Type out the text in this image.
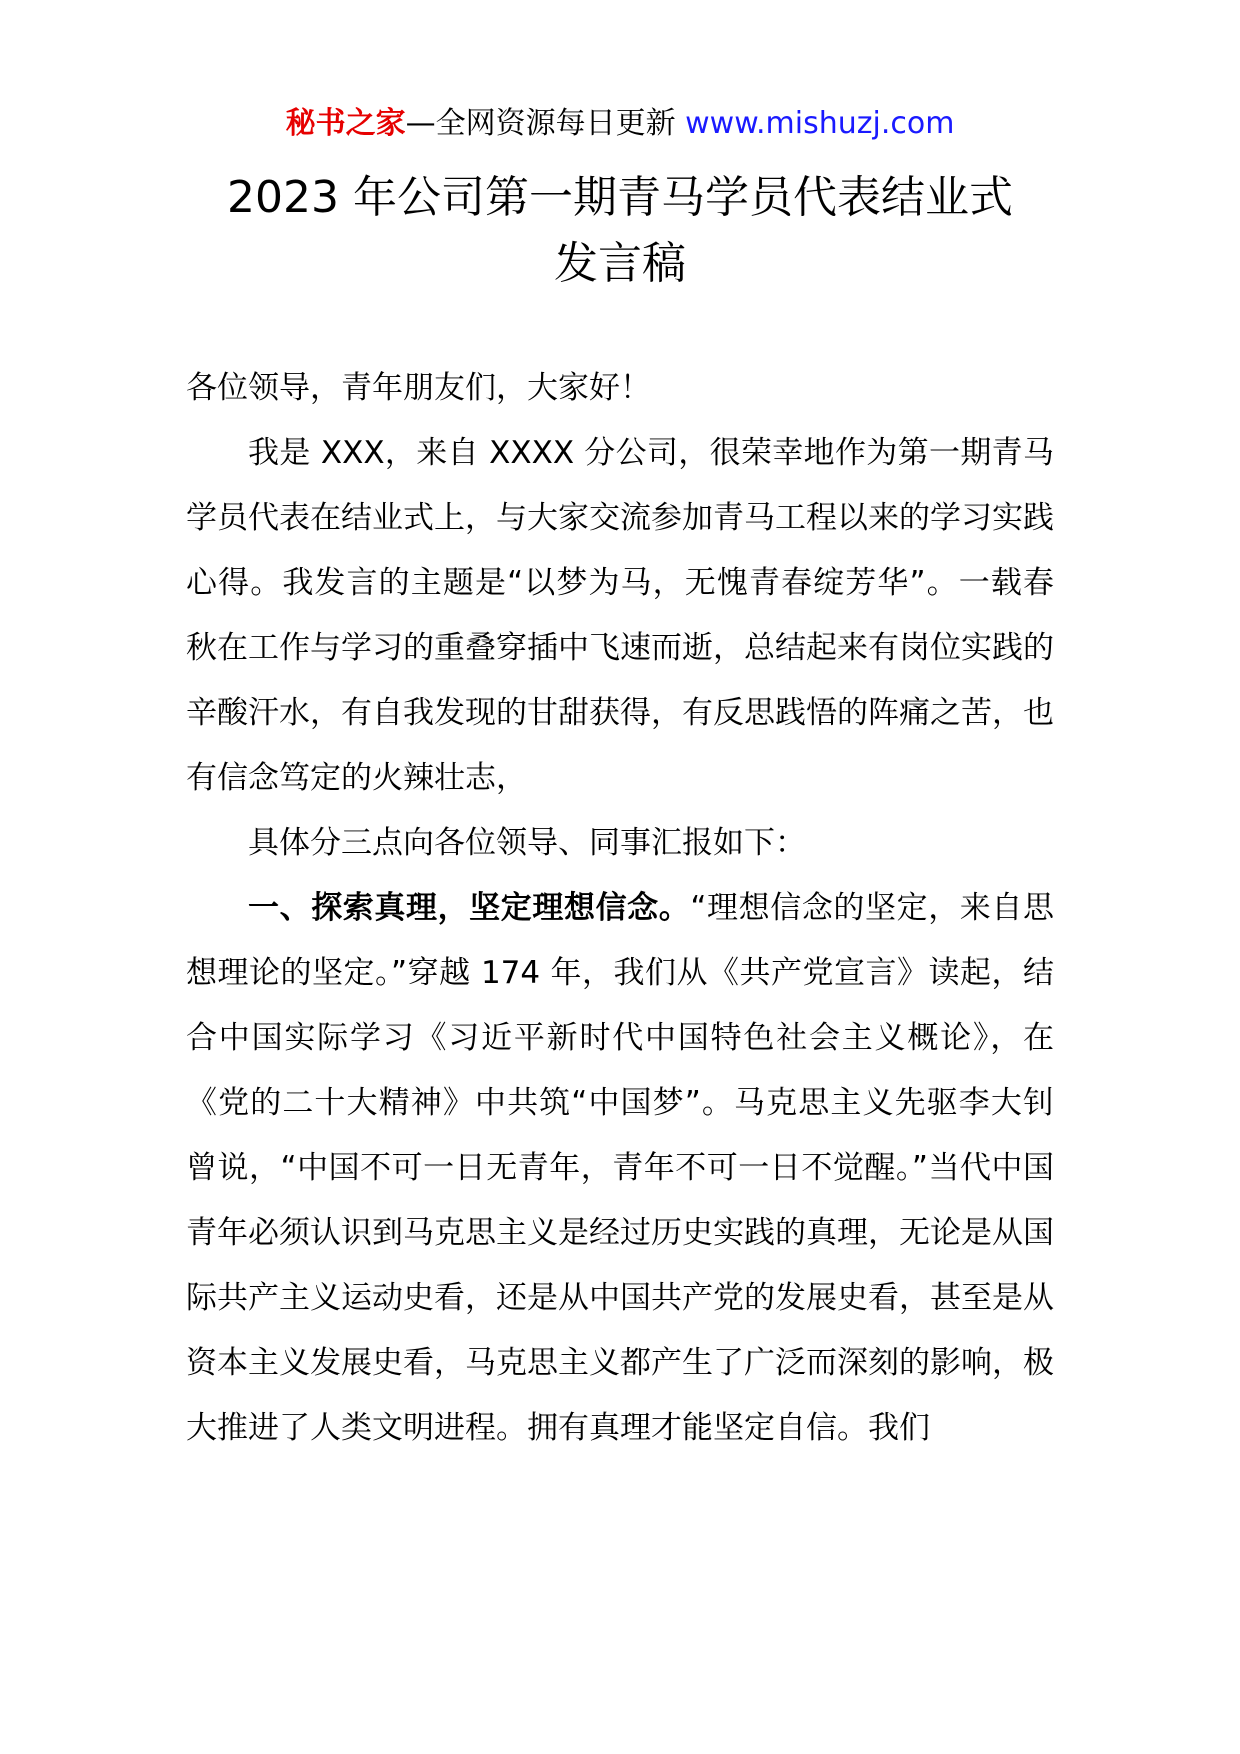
秘书之家—全网资源每日更新 www.mishuzj.com
2023 年公司第一期青马学员代表结业式
发言稿

各位领导，青年朋友们，大家好！

我是 XXX，来自 XXXX 分公司，很荣幸地作为第一期青马学员代表在结业式上，与大家交流参加青马工程以来的学习实践心得。我发言的主题是“以梦为马，无愧青春绽芳华”。一载春秋在工作与学习的重叠穿插中飞速而逝，总结起来有岗位实践的辛酸汗水，有自我发现的甘甜获得，有反思践悟的阵痛之苦，也有信念笃定的火辣壮志，

具体分三点向各位领导、同事汇报如下：

一、探索真理，坚定理想信念。“理想信念的坚定，来自思想理论的坚定。”穿越 174 年，我们从《共产党宣言》读起，结合中国实际学习《习近平新时代中国特色社会主义概论》，在《党的二十大精神》中共筑“中国梦”。马克思主义先驱李大钊曾说，“中国不可一日无青年，青年不可一日不觉醒。”当代中国青年必须认识到马克思主义是经过历史实践的真理，无论是从国际共产主义运动史看，还是从中国共产党的发展史看，甚至是从资本主义发展史看，马克思主义都产生了广泛而深刻的影响，极大推进了人类文明进程。拥有真理才能坚定自信。我们
